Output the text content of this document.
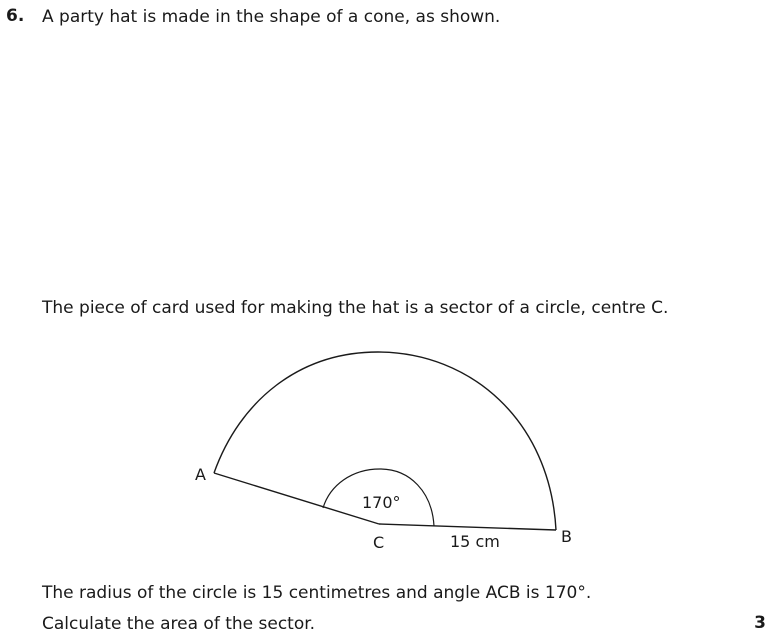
6. A party hat is made in the shape of a cone, as shown.
The piece of card used for making the hat is a sector of a circle, centre C.
A
B
C
170°
15 cm
The radius of the circle is 15 centimetres and angle ACB is 170°.
Calculate the area of the sector.	3
